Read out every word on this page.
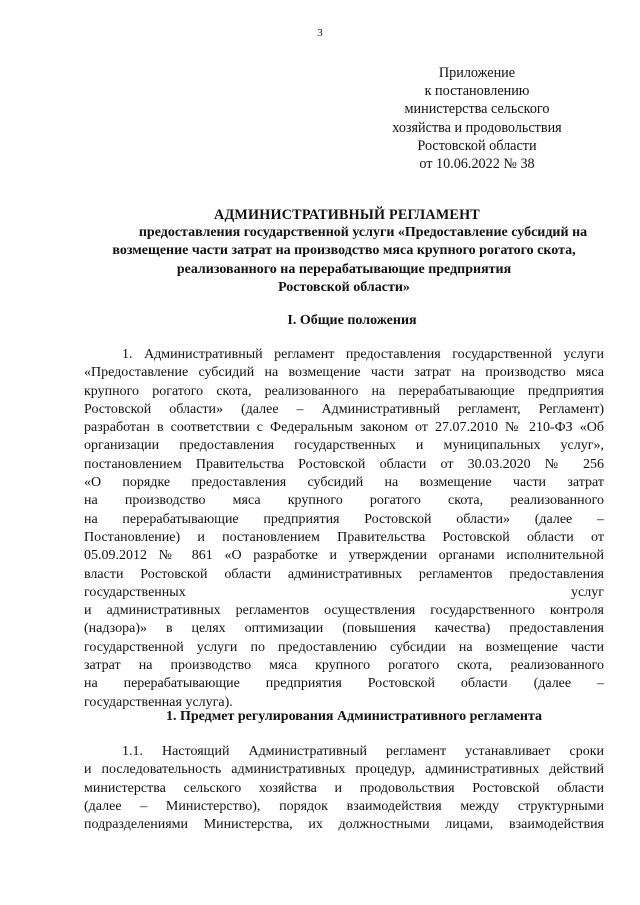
3
Приложение
к постановлению
министерства сельского
хозяйства и продовольствия
Ростовской области
от 10.06.2022 № 38
АДМИНИСТРАТИВНЫЙ РЕГЛАМЕНТ
предоставления государственной услуги «Предоставление субсидий на
возмещение части затрат на производство мяса крупного рогатого скота,
реализованного на перерабатывающие предприятия
Ростовской области»
I. Общие положения
1. Административный регламент предоставления государственной услуги
«Предоставление субсидий на возмещение части затрат на производство мяса
крупного рогатого скота, реализованного на перерабатывающие предприятия
Ростовской области» (далее – Административный регламент, Регламент)
разработан в соответствии с Федеральным законом от 27.07.2010 № 210-ФЗ «Об
организации предоставления государственных и муниципальных услуг»,
постановлением Правительства Ростовской области от 30.03.2020 № 256
«О порядке предоставления субсидий на возмещение части затрат
на производство мяса крупного рогатого скота, реализованного
на перерабатывающие предприятия Ростовской области» (далее –
Постановление) и постановлением Правительства Ростовской области от
05.09.2012 № 861 «О разработке и утверждении органами исполнительной
власти Ростовской области административных регламентов предоставления
государственных услуг
и административных регламентов осуществления государственного контроля
(надзора)» в целях оптимизации (повышения качества) предоставления
государственной услуги по предоставлению субсидии на возмещение части
затрат на производство мяса крупного рогатого скота, реализованного
на перерабатывающие предприятия Ростовской области (далее –
государственная услуга).
1. Предмет регулирования Административного регламента
1.1. Настоящий Административный регламент устанавливает сроки
и последовательность административных процедур, административных действий
министерства сельского хозяйства и продовольствия Ростовской области
(далее – Министерство), порядок взаимодействия между структурными
подразделениями Министерства, их должностными лицами, взаимодействия
